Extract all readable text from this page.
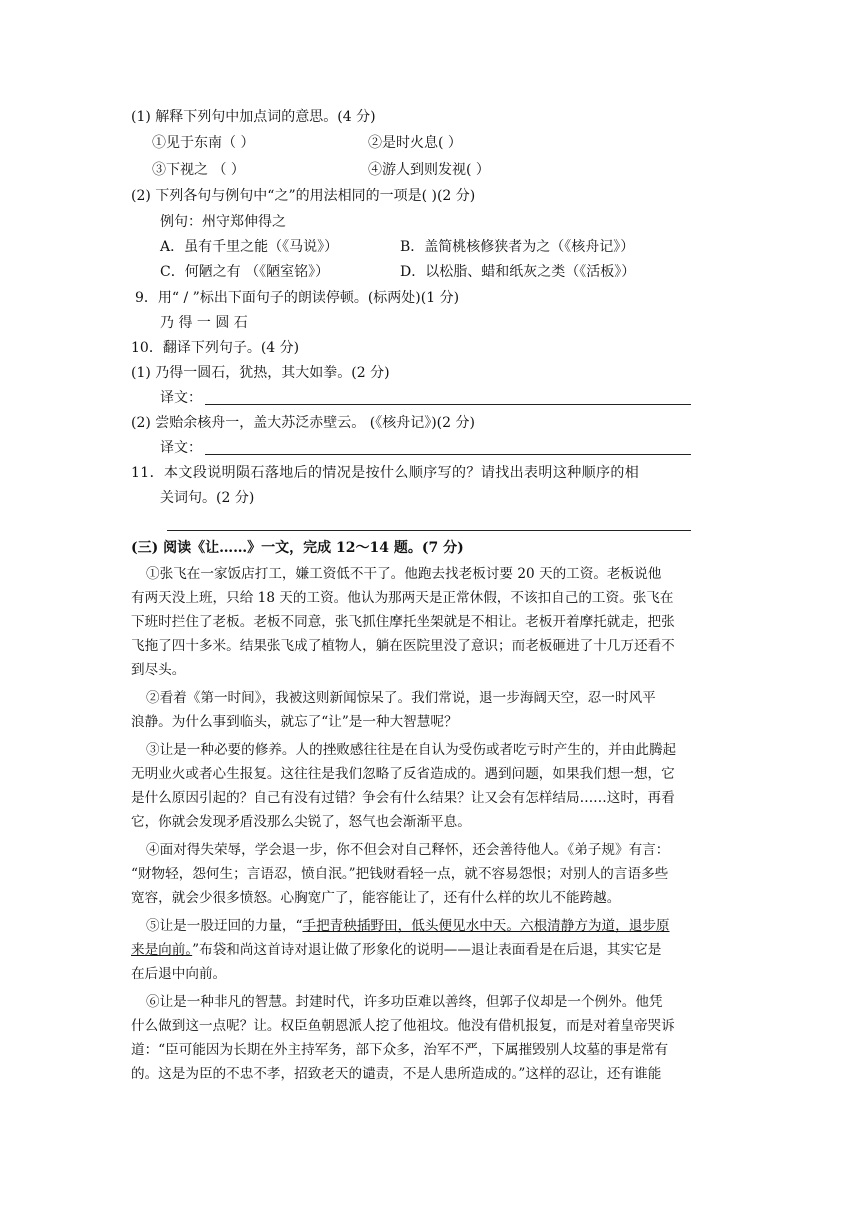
(1) 解释下列句中加点词的意思。(4 分)
①见于东南（ ）	②是时火息( ）
③下视之 （ ）	④游人到则发视( ）
(2) 下列各句与例句中“之”的用法相同的一项是( )(2 分)
例句：州守郑伸得之
A．虽有千里之能（《马说》）	B．盖简桃核修狭者为之（《核舟记》）
C．何陋之有 （《陋室铭》）	D．以松脂、蜡和纸灰之类（《活板》）
9．用“ / ”标出下面句子的朗读停顿。(标两处)(1 分)
乃 得 一 圆 石
10．翻译下列句子。(4 分)
(1) 乃得一圆石，犹热，其大如拳。(2 分)
译文：
(2) 尝贻余核舟一，盖大苏泛赤壁云。 (《核舟记》)(2 分)
译文：
11．本文段说明陨石落地后的情况是按什么顺序写的？请找出表明这种顺序的相
关词句。(2 分)
(三) 阅读《让……》一文，完成 12～14 题。(7 分)
①张飞在一家饭店打工，嫌工资低不干了。他跑去找老板讨要 20 天的工资。老板说他
有两天没上班，只给 18 天的工资。他认为那两天是正常休假，不该扣自己的工资。张飞在
下班时拦住了老板。老板不同意，张飞抓住摩托坐架就是不相让。老板开着摩托就走，把张
飞拖了四十多米。结果张飞成了植物人，躺在医院里没了意识；而老板砸进了十几万还看不
到尽头。
②看着《第一时间》，我被这则新闻惊呆了。我们常说，退一步海阔天空，忍一时风平
浪静。为什么事到临头，就忘了“让”是一种大智慧呢？
③让是一种必要的修养。人的挫败感往往是在自认为受伤或者吃亏时产生的，并由此腾起
无明业火或者心生报复。这往往是我们忽略了反省造成的。遇到问题，如果我们想一想，它
是什么原因引起的？自己有没有过错？争会有什么结果？让又会有怎样结局……这时，再看
它，你就会发现矛盾没那么尖锐了，怒气也会渐渐平息。
④面对得失荣辱，学会退一步，你不但会对自己释怀，还会善待他人。《弟子规》有言：
“财物轻，怨何生；言语忍，愤自泯。”把钱财看轻一点，就不容易怨恨；对别人的言语多些
宽容，就会少很多愤怒。心胸宽广了，能容能让了，还有什么样的坎儿不能跨越。
⑤让是一股迂回的力量，“手把青秧插野田，低头便见水中天。六根清静方为道，退步原
来是向前。”布袋和尚这首诗对退让做了形象化的说明——退让表面看是在后退，其实它是
在后退中向前。
⑥让是一种非凡的智慧。封建时代，许多功臣难以善终，但郭子仪却是一个例外。他凭
什么做到这一点呢？让。权臣鱼朝恩派人挖了他祖坟。他没有借机报复，而是对着皇帝哭诉
道：“臣可能因为长期在外主持军务，部下众多，治军不严，下属摧毁别人坟墓的事是常有
的。这是为臣的不忠不孝，招致老天的谴责，不是人患所造成的。”这样的忍让，还有谁能
